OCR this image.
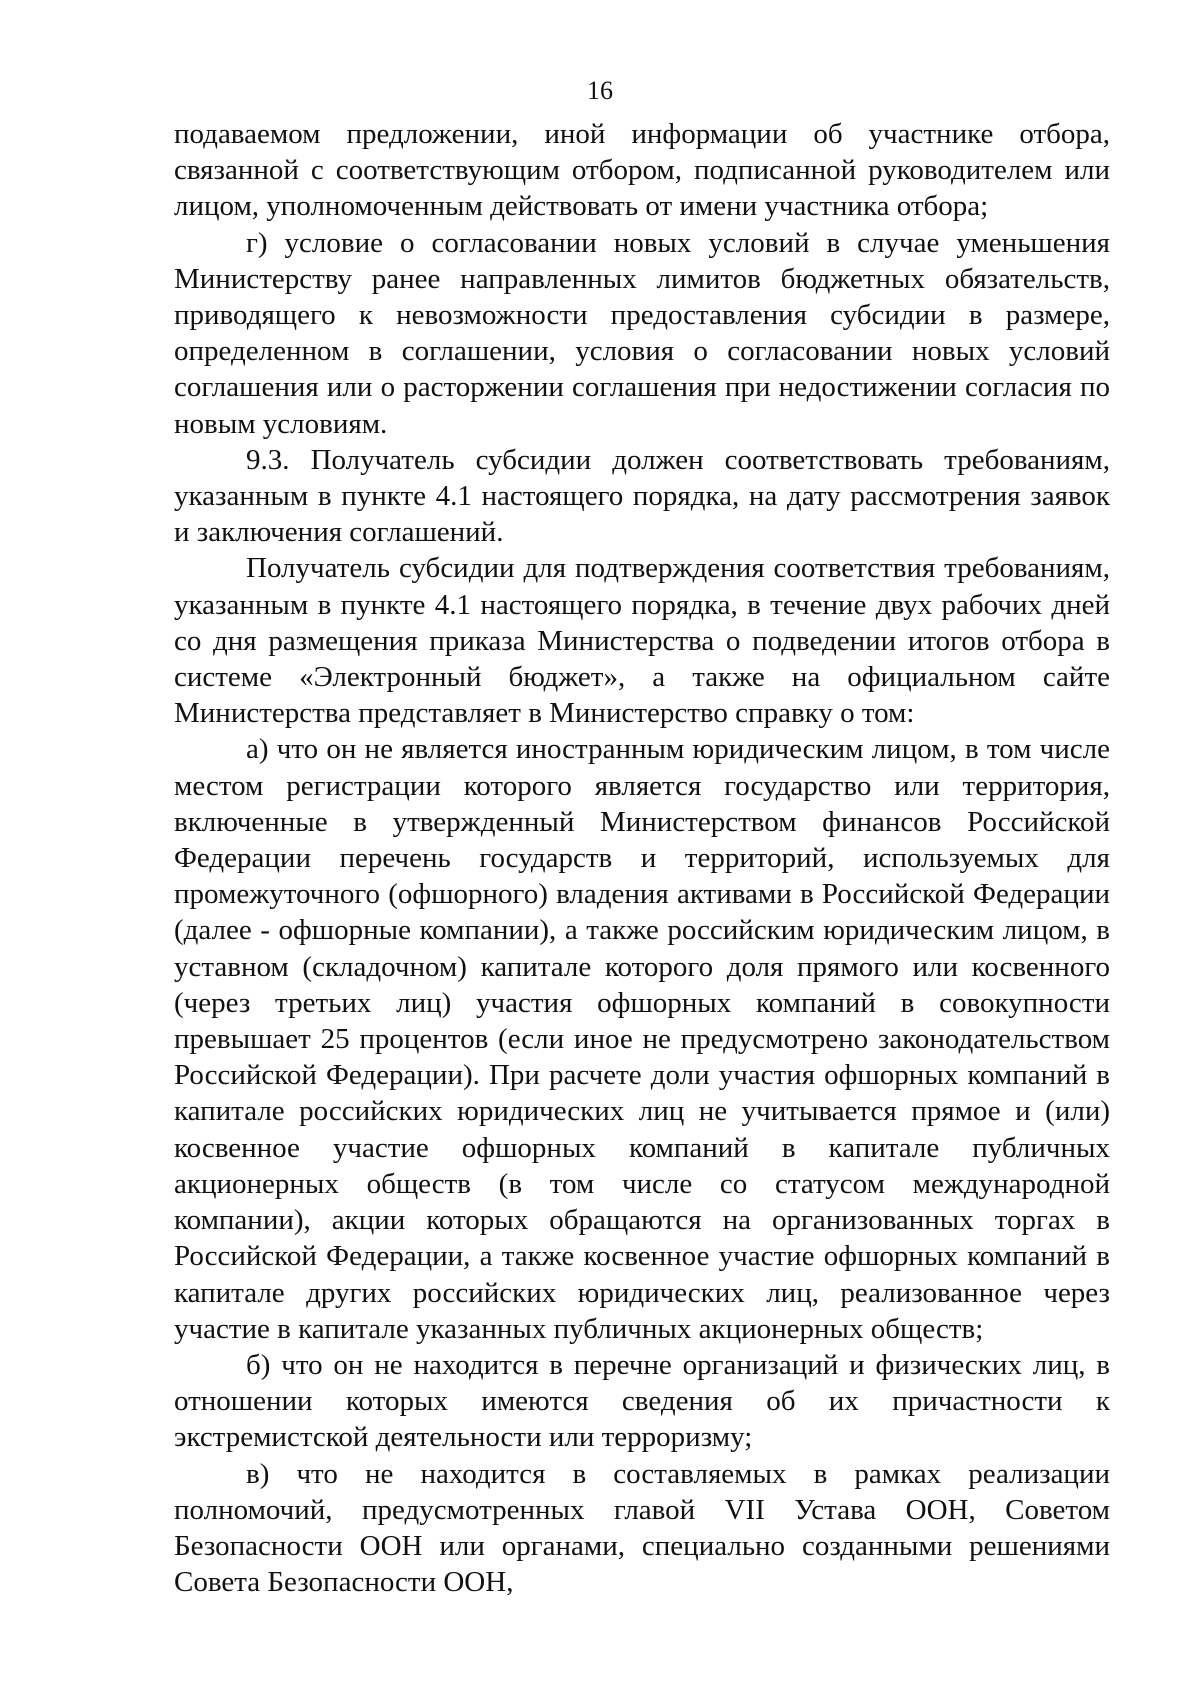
16

подаваемом предложении, иной информации об участнике отбора, связанной с соответствующим отбором, подписанной руководителем или лицом, уполномоченным действовать от имени участника отбора;

г) условие о согласовании новых условий в случае уменьшения Министерству ранее направленных лимитов бюджетных обязательств, приводящего к невозможности предоставления субсидии в размере, определенном в соглашении, условия о согласовании новых условий соглашения или о расторжении соглашения при недостижении согласия по новым условиям.

9.3. Получатель субсидии должен соответствовать требованиям, указанным в пункте 4.1 настоящего порядка, на дату рассмотрения заявок и заключения соглашений.

Получатель субсидии для подтверждения соответствия требованиям, указанным в пункте 4.1 настоящего порядка, в течение двух рабочих дней со дня размещения приказа Министерства о подведении итогов отбора в системе «Электронный бюджет», а также на официальном сайте Министерства представляет в Министерство справку о том:

а) что он не является иностранным юридическим лицом, в том числе местом регистрации которого является государство или территория, включенные в утвержденный Министерством финансов Российской Федерации перечень государств и территорий, используемых для промежуточного (офшорного) владения активами в Российской Федерации (далее - офшорные компании), а также российским юридическим лицом, в уставном (складочном) капитале которого доля прямого или косвенного (через третьих лиц) участия офшорных компаний в совокупности превышает 25 процентов (если иное не предусмотрено законодательством Российской Федерации). При расчете доли участия офшорных компаний в капитале российских юридических лиц не учитывается прямое и (или) косвенное участие офшорных компаний в капитале публичных акционерных обществ (в том числе со статусом международной компании), акции которых обращаются на организованных торгах в Российской Федерации, а также косвенное участие офшорных компаний в капитале других российских юридических лиц, реализованное через участие в капитале указанных публичных акционерных обществ;

б) что он не находится в перечне организаций и физических лиц, в отношении которых имеются сведения об их причастности к экстремистской деятельности или терроризму;

в) что не находится в составляемых в рамках реализации полномочий, предусмотренных главой VII Устава ООН, Советом Безопасности ООН или органами, специально созданными решениями Совета Безопасности ООН,
